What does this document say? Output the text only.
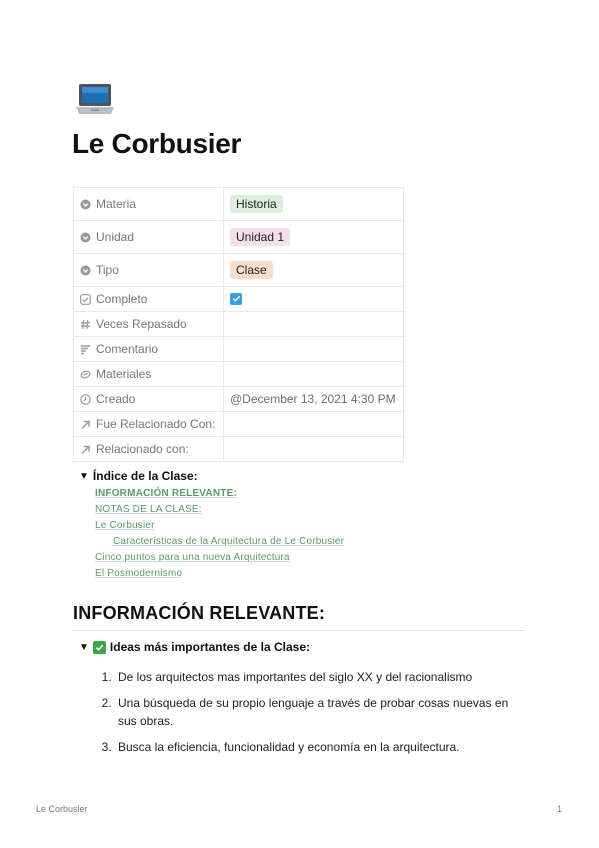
Le Corbusier
Materia	Historia

Unidad	Unidad 1

Tipo	Clase

Completo

Veces Repasado	

Comentario	

Materiales	

Creado	@December 13, 2021 4:30 PM

Fue Relacionado Con:	

Relacionado con:	

▼ Índice de la Clase:
INFORMACIÓN RELEVANTE:
NOTAS DE LA CLASE:
Le Corbusier
Características de la Arquitectura de Le Corbusier
Cinco puntos para una nueva Arquitectura
El Posmodernismo
INFORMACIÓN RELEVANTE:
▼ Ideas más importantes de la Clase:
1. De los arquitectos mas importantes del siglo XX y del racionalismo
2. Una búsqueda de su propio lenguaje a través de probar cosas nuevas en sus obras.
3. Busca la eficiencia, funcionalidad y economía en la arquitectura.
Le Corbusier	1
